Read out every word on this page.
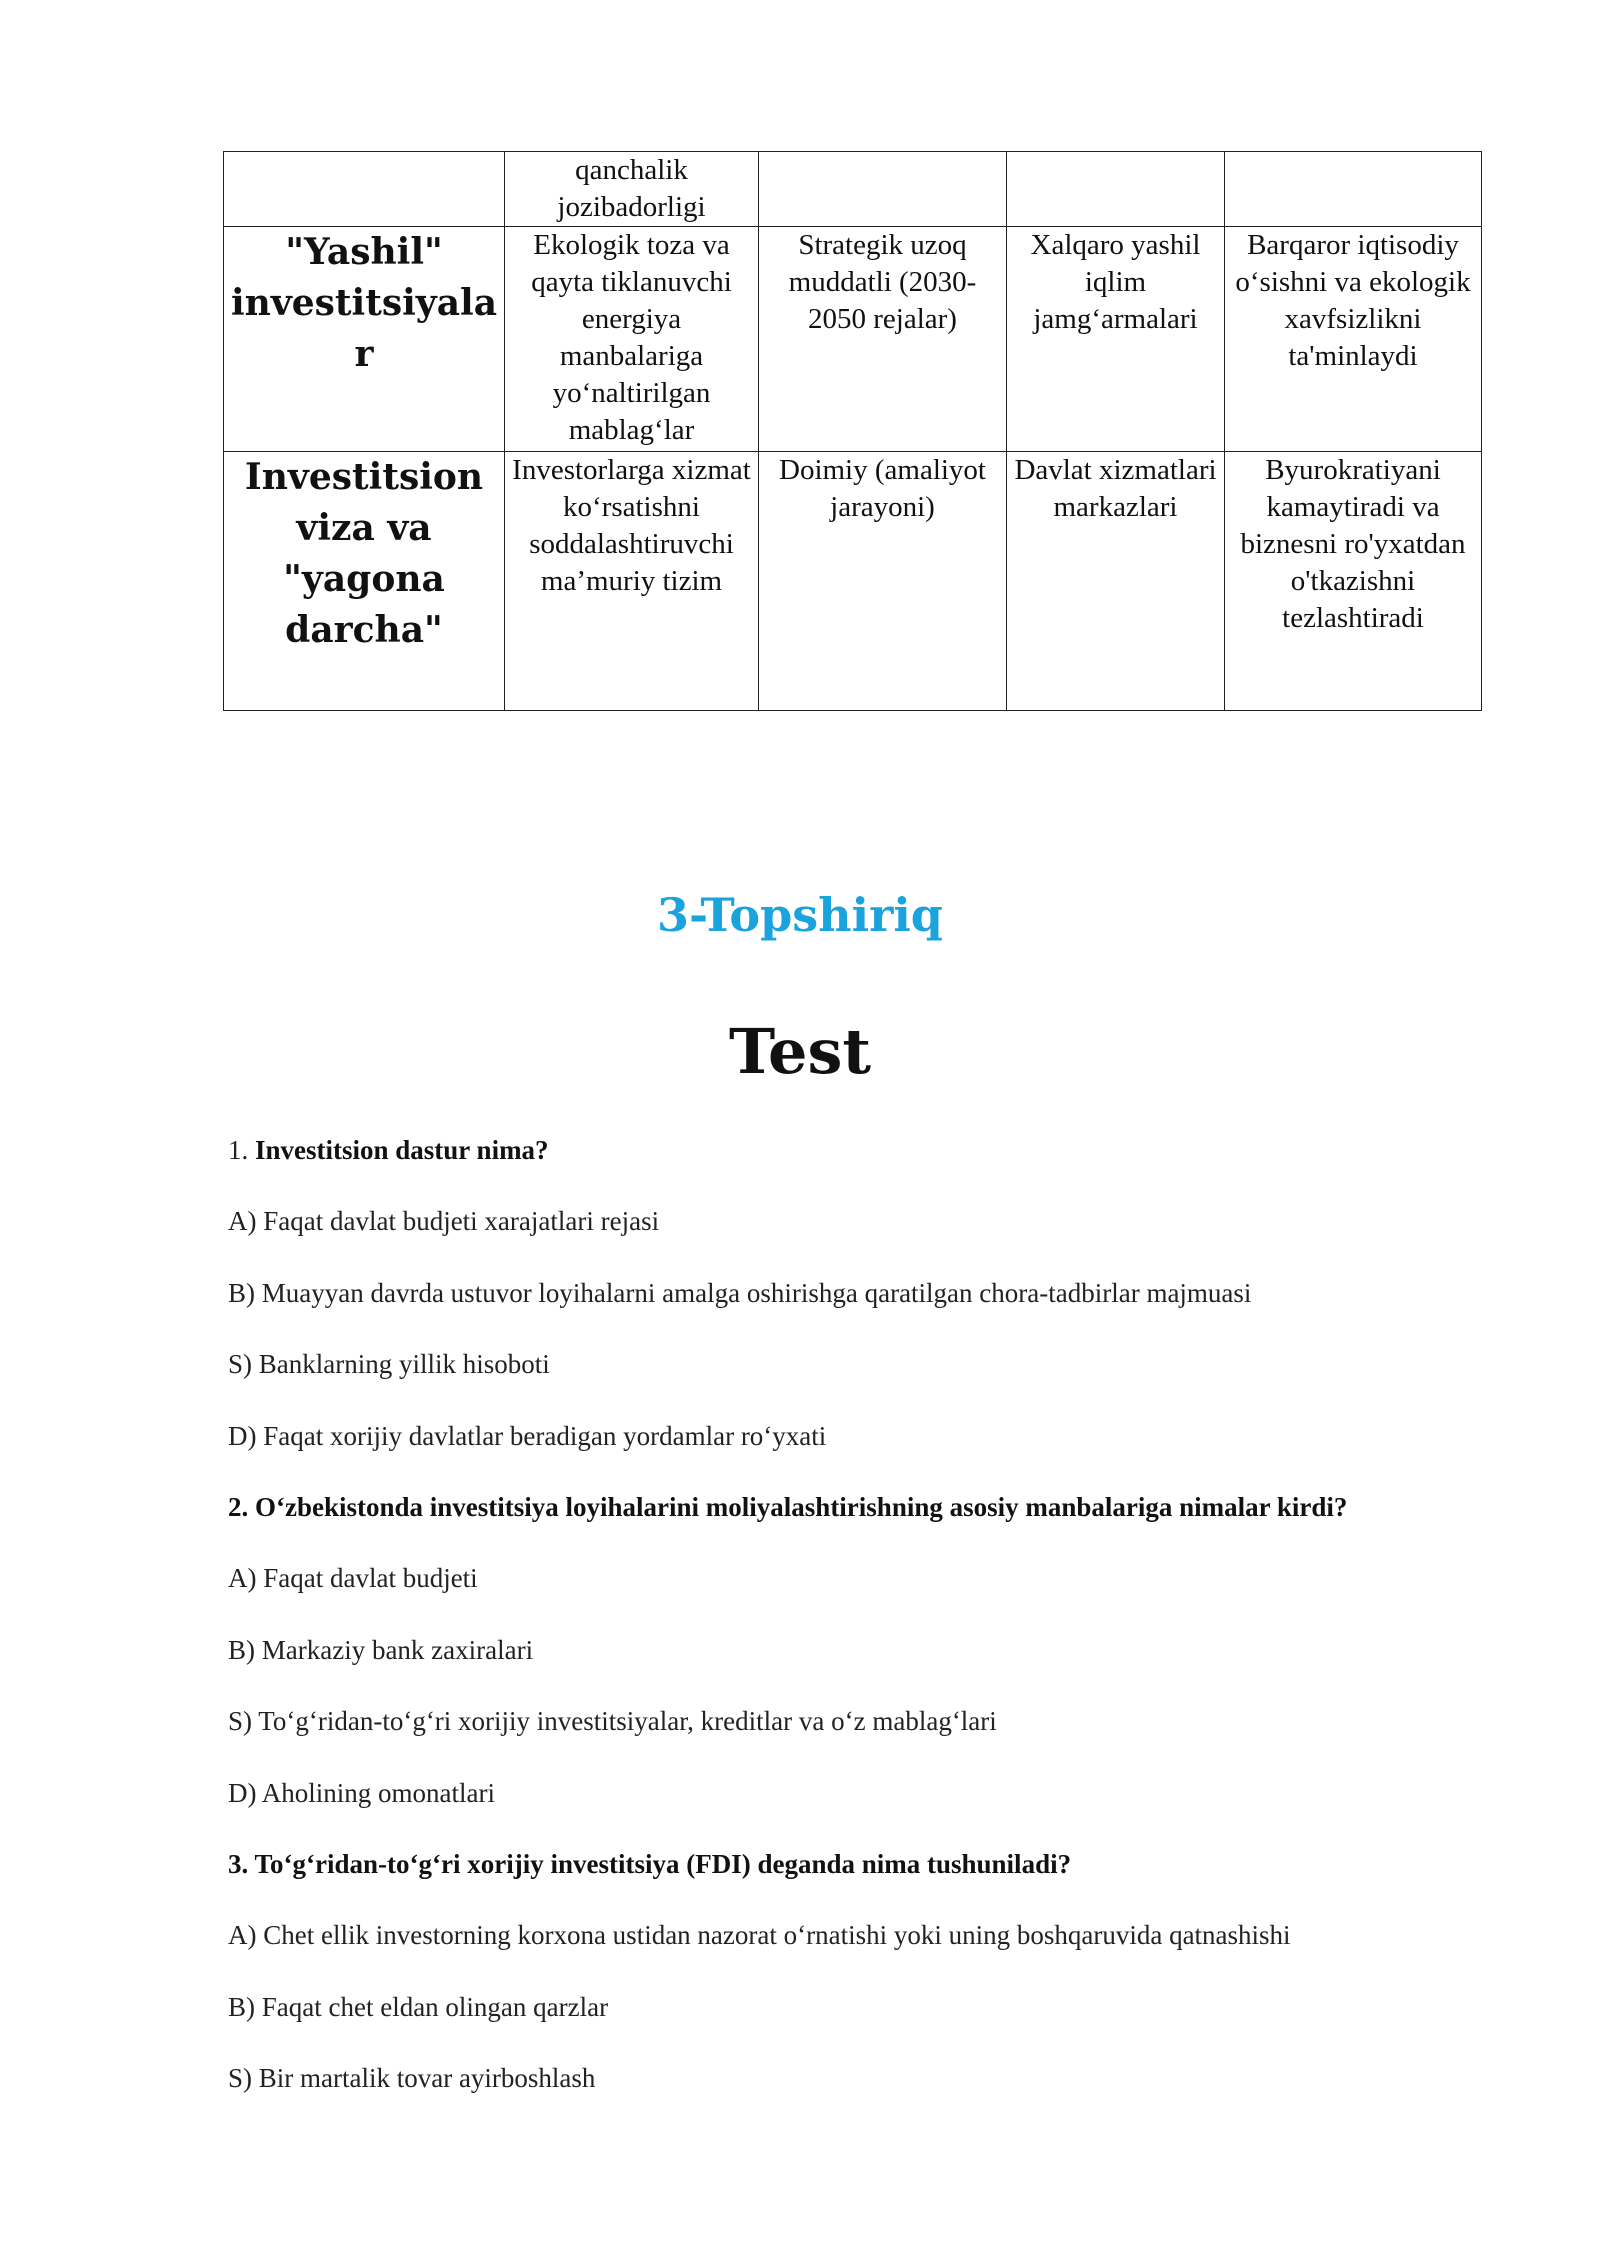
	qanchalik jozibadorligi			
"Yashil" investitsiyalar	Ekologik toza va qayta tiklanuvchi energiya manbalariga yo‘naltirilgan mablag‘lar	Strategik uzoq muddatli (2030-2050 rejalar)	Xalqaro yashil iqlim jamg‘armalari	Barqaror iqtisodiy o‘sishni va ekologik xavfsizlikni ta'minlaydi
Investitsion viza va "yagona darcha"	Investorlarga xizmat ko‘rsatishni soddalashtiruvchi ma’muriy tizim	Doimiy (amaliyot jarayoni)	Davlat xizmatlari markazlari	Byurokratiyani kamaytiradi va biznesni ro'yxatdan o'tkazishni tezlashtiradi
3-Topshiriq
Test
1. Investitsion dastur nima?
A) Faqat davlat budjeti xarajatlari rejasi
B) Muayyan davrda ustuvor loyihalarni amalga oshirishga qaratilgan chora-tadbirlar majmuasi
S) Banklarning yillik hisoboti
D) Faqat xorijiy davlatlar beradigan yordamlar ro‘yxati
2. O‘zbekistonda investitsiya loyihalarini moliyalashtirishning asosiy manbalariga nimalar kirdi?
A) Faqat davlat budjeti
B) Markaziy bank zaxiralari
S) To‘g‘ridan-to‘g‘ri xorijiy investitsiyalar, kreditlar va o‘z mablag‘lari
D) Aholining omonatlari
3. To‘g‘ridan-to‘g‘ri xorijiy investitsiya (FDI) deganda nima tushuniladi?
A) Chet ellik investorning korxona ustidan nazorat o‘rnatishi yoki uning boshqaruvida qatnashishi
B) Faqat chet eldan olingan qarzlar
S) Bir martalik tovar ayirboshlash
